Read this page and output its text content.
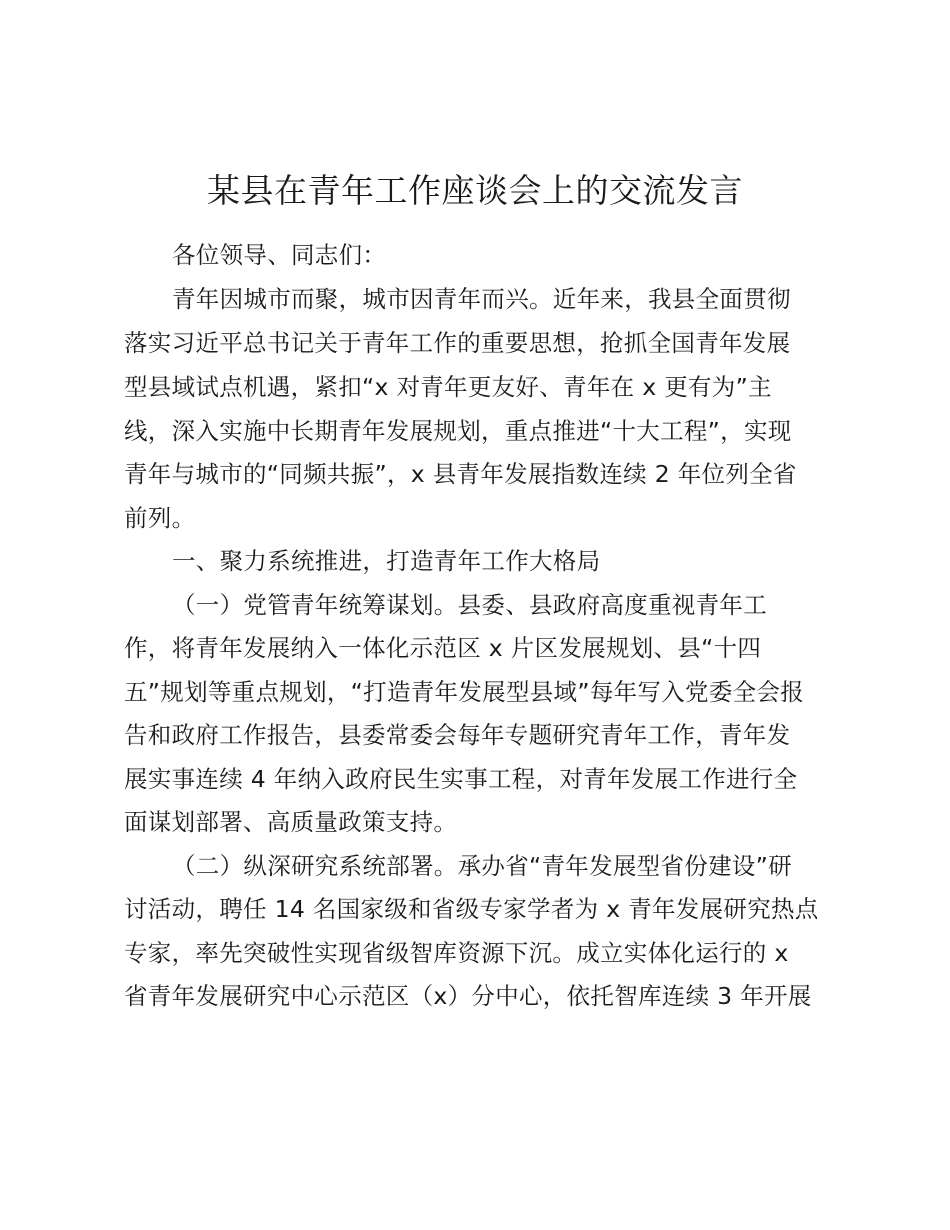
某县在青年工作座谈会上的交流发言
各位领导、同志们：
青年因城市而聚，城市因青年而兴。近年来，我县全面贯彻
落实习近平总书记关于青年工作的重要思想，抢抓全国青年发展
型县域试点机遇，紧扣“x 对青年更友好、青年在 x 更有为”主
线，深入实施中长期青年发展规划，重点推进“十大工程”，实现
青年与城市的“同频共振”，x 县青年发展指数连续 2 年位列全省
前列。
一、聚力系统推进，打造青年工作大格局
（一）党管青年统筹谋划。县委、县政府高度重视青年工
作，将青年发展纳入一体化示范区 x 片区发展规划、县“十四
五”规划等重点规划，“打造青年发展型县域”每年写入党委全会报
告和政府工作报告，县委常委会每年专题研究青年工作，青年发
展实事连续 4 年纳入政府民生实事工程，对青年发展工作进行全
面谋划部署、高质量政策支持。
（二）纵深研究系统部署。承办省“青年发展型省份建设”研
讨活动，聘任 14 名国家级和省级专家学者为 x 青年发展研究热点
专家，率先突破性实现省级智库资源下沉。成立实体化运行的 x
省青年发展研究中心示范区（x）分中心，依托智库连续 3 年开展
